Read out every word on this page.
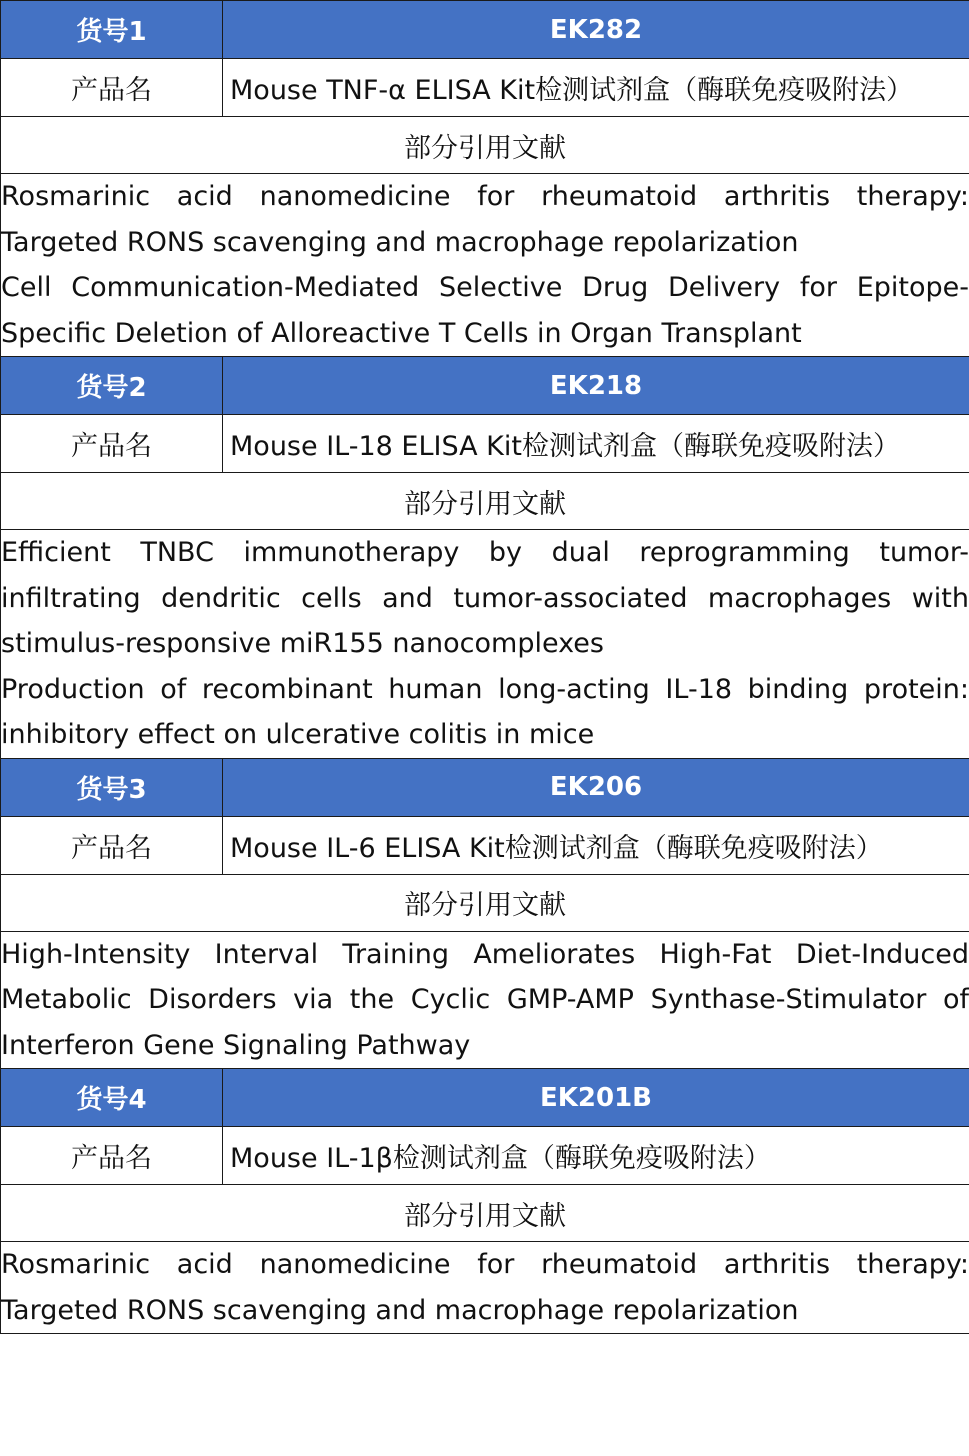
货号1	EK282
产品名	Mouse TNF-α ELISA Kit检测试剂盒（酶联免疫吸附法）
部分引用文献	

Rosmarinic acid nanomedicine for rheumatoid arthritis therapy: Targeted RONS scavenging and macrophage repolarization
Cell Communication-Mediated Selective Drug Delivery for Epitope-Specific Deletion of Alloreactive T Cells in Organ Transplant	

货号2	EK218
产品名	Mouse IL-18 ELISA Kit检测试剂盒（酶联免疫吸附法）
部分引用文献	

Efficient TNBC immunotherapy by dual reprogramming tumor-infiltrating dendritic cells and tumor-associated macrophages with stimulus-responsive miR155 nanocomplexes
Production of recombinant human long-acting IL-18 binding protein: inhibitory effect on ulcerative colitis in mice	

货号3	EK206
产品名	Mouse IL-6 ELISA Kit检测试剂盒（酶联免疫吸附法）
部分引用文献	

High-Intensity Interval Training Ameliorates High-Fat Diet-Induced Metabolic Disorders via the Cyclic GMP-AMP Synthase-Stimulator of Interferon Gene Signaling Pathway	

货号4	EK201B
产品名	Mouse IL-1β检测试剂盒（酶联免疫吸附法）
部分引用文献	

Rosmarinic acid nanomedicine for rheumatoid arthritis therapy: Targeted RONS scavenging and macrophage repolarization	
